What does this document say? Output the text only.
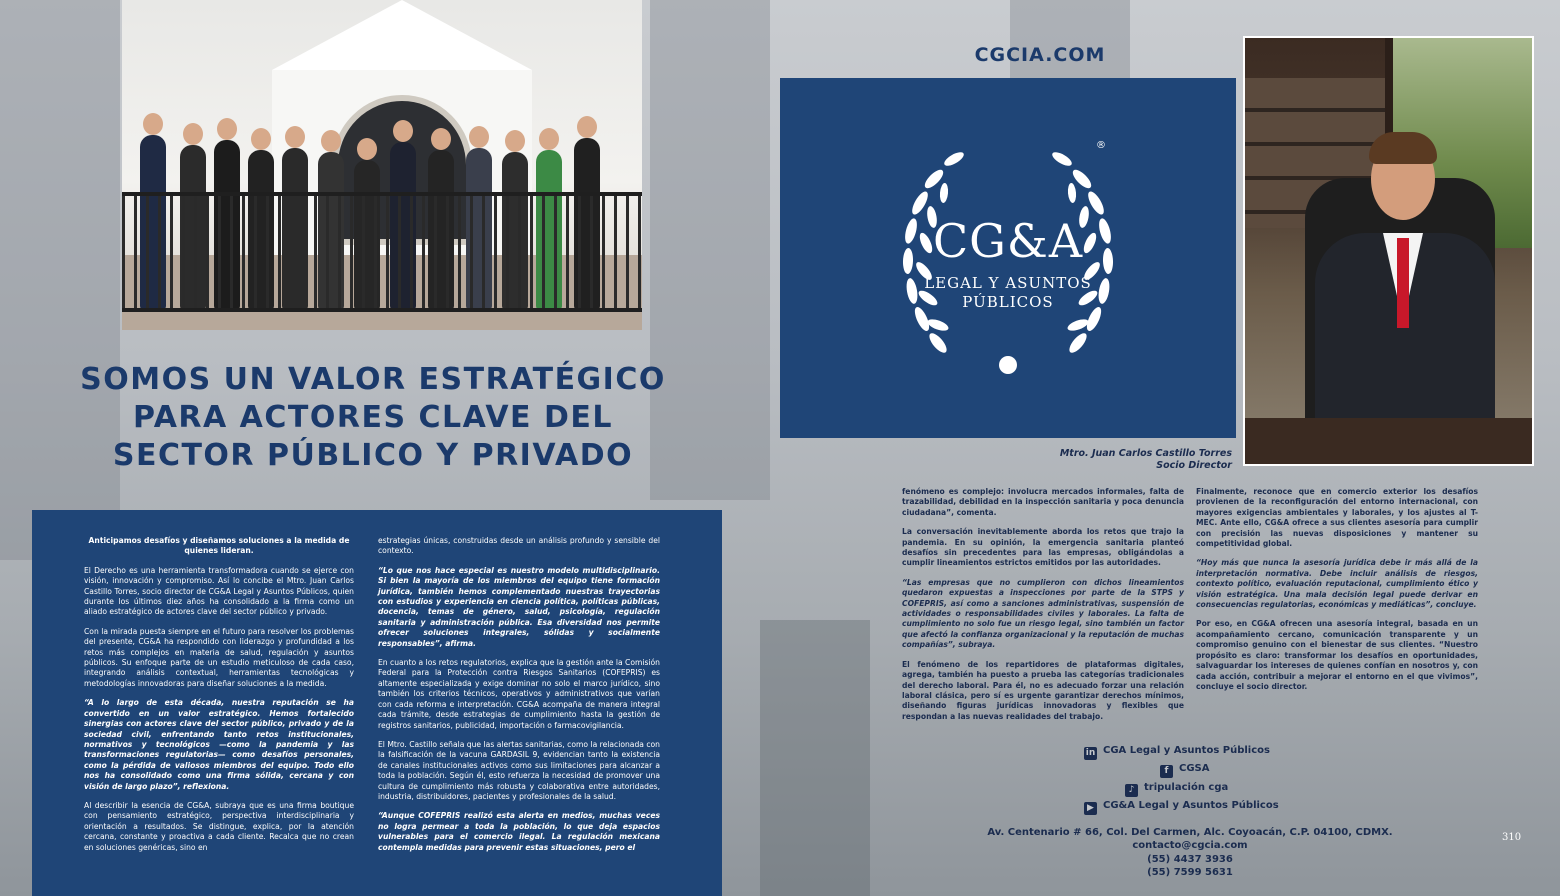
CGCIA.COM
®
CG&A
LEGAL Y ASUNTOS
PÚBLICOS
Mtro. Juan Carlos Castillo Torres
Socio Director
SOMOS UN VALOR ESTRATÉGICO
PARA ACTORES CLAVE DEL
SECTOR PÚBLICO Y PRIVADO

Anticipamos desafíos y diseñamos soluciones a la medida de quienes lideran.

El Derecho es una herramienta transformadora cuando se ejerce con visión, innovación y compromiso. Así lo concibe el Mtro. Juan Carlos Castillo Torres, socio director de CG&A Legal y Asuntos Públicos, quien durante los últimos diez años ha consolidado a la firma como un aliado estratégico de actores clave del sector público y privado.

Con la mirada puesta siempre en el futuro para resolver los problemas del presente, CG&A ha respondido con liderazgo y profundidad a los retos más complejos en materia de salud, regulación y asuntos públicos. Su enfoque parte de un estudio meticuloso de cada caso, integrando análisis contextual, herramientas tecnológicas y metodologías innovadoras para diseñar soluciones a la medida.

“A lo largo de esta década, nuestra reputación se ha convertido en un valor estratégico. Hemos fortalecido sinergias con actores clave del sector público, privado y de la sociedad civil, enfrentando tanto retos institucionales, normativos y tecnológicos —como la pandemia y las transformaciones regulatorias— como desafíos personales, como la pérdida de valiosos miembros del equipo. Todo ello nos ha consolidado como una firma sólida, cercana y con visión de largo plazo”, reflexiona.

Al describir la esencia de CG&A, subraya que es una firma boutique con pensamiento estratégico, perspectiva interdisciplinaria y orientación a resultados. Se distingue, explica, por la atención cercana, constante y proactiva a cada cliente. Recalca que no crean en soluciones genéricas, sino en

estrategias únicas, construidas desde un análisis profundo y sensible del contexto.

“Lo que nos hace especial es nuestro modelo multidisciplinario. Si bien la mayoría de los miembros del equipo tiene formación jurídica, también hemos complementado nuestras trayectorias con estudios y experiencia en ciencia política, políticas públicas, docencia, temas de género, salud, psicología, regulación sanitaria y administración pública. Esa diversidad nos permite ofrecer soluciones integrales, sólidas y socialmente responsables”, afirma.

En cuanto a los retos regulatorios, explica que la gestión ante la Comisión Federal para la Protección contra Riesgos Sanitarios (COFEPRIS) es altamente especializada y exige dominar no solo el marco jurídico, sino también los criterios técnicos, operativos y administrativos que varían con cada reforma e interpretación. CG&A acompaña de manera integral cada trámite, desde estrategias de cumplimiento hasta la gestión de registros sanitarios, publicidad, importación o farmacovigilancia.

El Mtro. Castillo señala que las alertas sanitarias, como la relacionada con la falsificación de la vacuna GARDASIL 9, evidencian tanto la existencia de canales institucionales activos como sus limitaciones para alcanzar a toda la población. Según él, esto refuerza la necesidad de promover una cultura de cumplimiento más robusta y colaborativa entre autoridades, industria, distribuidores, pacientes y profesionales de la salud.

“Aunque COFEPRIS realizó esta alerta en medios, muchas veces no logra permear a toda la población, lo que deja espacios vulnerables para el comercio ilegal. La regulación mexicana contempla medidas para prevenir estas situaciones, pero el

fenómeno es complejo: involucra mercados informales, falta de trazabilidad, debilidad en la inspección sanitaria y poca denuncia ciudadana”, comenta.

La conversación inevitablemente aborda los retos que trajo la pandemia. En su opinión, la emergencia sanitaria planteó desafíos sin precedentes para las empresas, obligándolas a cumplir lineamientos estrictos emitidos por las autoridades.

“Las empresas que no cumplieron con dichos lineamientos quedaron expuestas a inspecciones por parte de la STPS y COFEPRIS, así como a sanciones administrativas, suspensión de actividades o responsabilidades civiles y laborales. La falta de cumplimiento no solo fue un riesgo legal, sino también un factor que afectó la confianza organizacional y la reputación de muchas compañías”, subraya.

El fenómeno de los repartidores de plataformas digitales, agrega, también ha puesto a prueba las categorías tradicionales del derecho laboral. Para él, no es adecuado forzar una relación laboral clásica, pero sí es urgente garantizar derechos mínimos, diseñando figuras jurídicas innovadoras y flexibles que respondan a las nuevas realidades del trabajo.

Finalmente, reconoce que en comercio exterior los desafíos provienen de la reconfiguración del entorno internacional, con mayores exigencias ambientales y laborales, y los ajustes al T-MEC. Ante ello, CG&A ofrece a sus clientes asesoría para cumplir con precisión las nuevas disposiciones y mantener su competitividad global.

“Hoy más que nunca la asesoría jurídica debe ir más allá de la interpretación normativa. Debe incluir análisis de riesgos, contexto político, evaluación reputacional, cumplimiento ético y visión estratégica. Una mala decisión legal puede derivar en consecuencias regulatorias, económicas y mediáticas”, concluye.

Por eso, en CG&A ofrecen una asesoría integral, basada en un acompañamiento cercano, comunicación transparente y un compromiso genuino con el bienestar de sus clientes. “Nuestro propósito es claro: transformar los desafíos en oportunidades, salvaguardar los intereses de quienes confían en nosotros y, con cada acción, contribuir a mejorar el entorno en el que vivimos”, concluye el socio director.

in CGA Legal y Asuntos Públicos
f CGSA
♪ tripulación cga
▶ CG&A Legal y Asuntos Públicos
Av. Centenario # 66, Col. Del Carmen, Alc. Coyoacán, C.P. 04100, CDMX.
contacto@cgcia.com
(55) 4437 3936
(55) 7599 5631
310
